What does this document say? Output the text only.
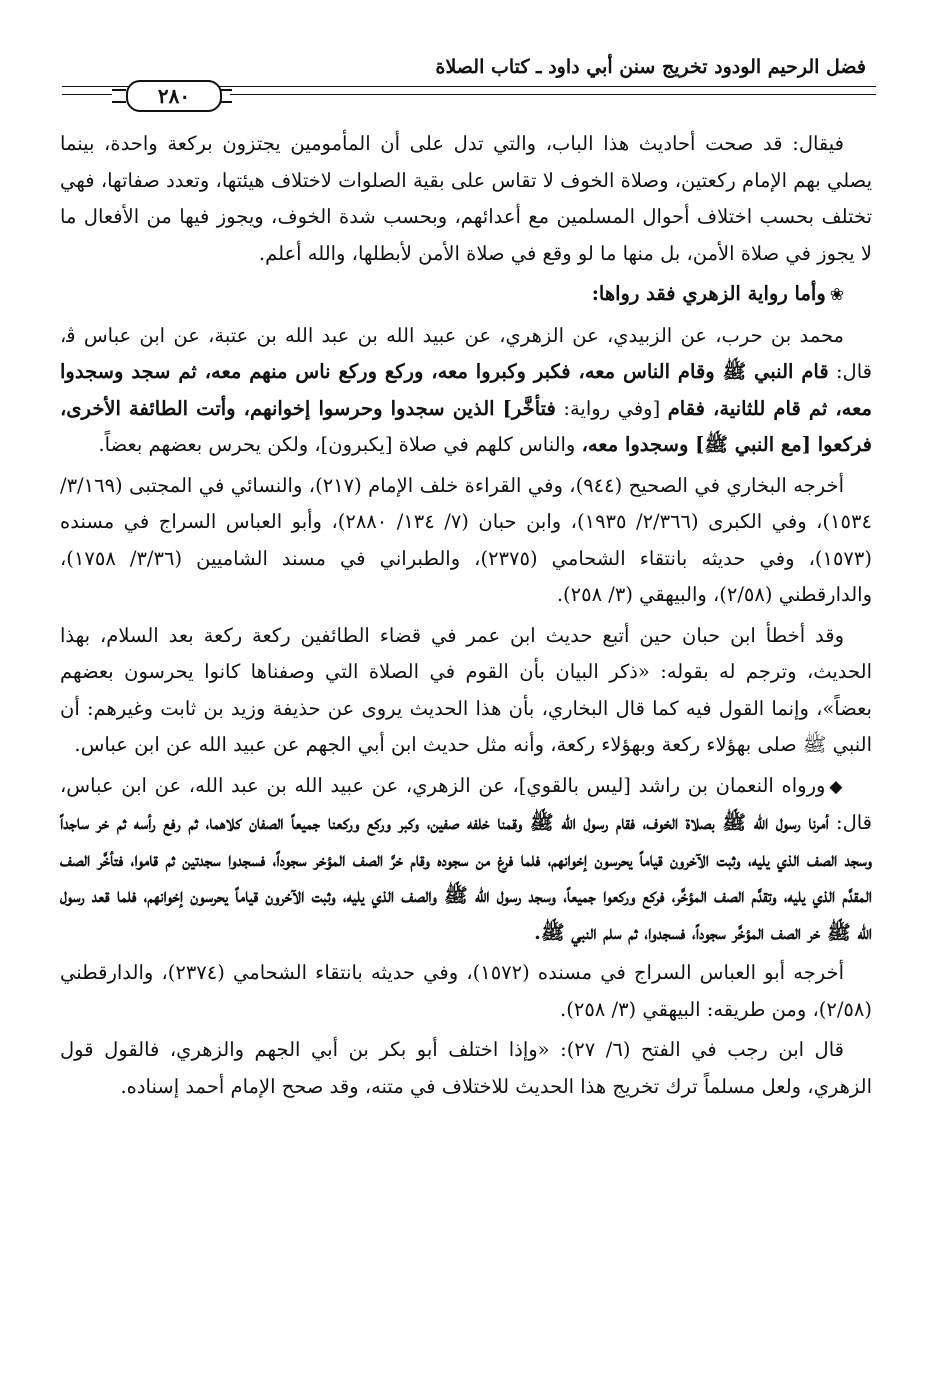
فضل الرحيم الودود تخريج سنن أبي داود ـ كتاب الصلاة
٢٨٠

فيقال: قد صحت أحاديث هذا الباب، والتي تدل على أن المأمومين يجتزون بركعة واحدة، بينما يصلي بهم الإمام ركعتين، وصلاة الخوف لا تقاس على بقية الصلوات لاختلاف هيئتها، وتعدد صفاتها، فهي تختلف بحسب اختلاف أحوال المسلمين مع أعدائهم، وبحسب شدة الخوف، ويجوز فيها من الأفعال ما لا يجوز في صلاة الأمن، بل منها ما لو وقع في صلاة الأمن لأبطلها، والله أعلم.

❀وأما رواية الزهري فقد رواها:

محمد بن حرب، عن الزبيدي، عن الزهري، عن عبيد الله بن عبد الله بن عتبة، عن ابن عباس ﭬ، قال: قام النبي ﷺ وقام الناس معه، فكبر وكبروا معه، وركع وركع ناس منهم معه، ثم سجد وسجدوا معه، ثم قام للثانية، فقام [وفي رواية: فتأخَّر] الذين سجدوا وحرسوا إخوانهم، وأتت الطائفة الأخرى، فركعوا [مع النبي ﷺ] وسجدوا معه، والناس كلهم في صلاة [يكبرون]، ولكن يحرس بعضهم بعضاً.

أخرجه البخاري في الصحيح (٩٤٤)، وفي القراءة خلف الإمام (٢١٧)، والنسائي في المجتبى (٣/١٦٩/ ١٥٣٤)، وفي الكبرى (٢/٣٦٦/ ١٩٣٥)، وابن حبان (٧/ ١٣٤/ ٢٨٨٠)، وأبو العباس السراج في مسنده (١٥٧٣)، وفي حديثه بانتقاء الشحامي (٢٣٧٥)، والطبراني في مسند الشاميين (٣/٣٦/ ١٧٥٨)، والدارقطني (٢/٥٨)، والبيهقي (٣/ ٢٥٨).

وقد أخطأ ابن حبان حين أتبع حديث ابن عمر في قضاء الطائفين ركعة ركعة بعد السلام، بهذا الحديث، وترجم له بقوله: «ذكر البيان بأن القوم في الصلاة التي وصفناها كانوا يحرسون بعضهم بعضاً»، وإنما القول فيه كما قال البخاري، بأن هذا الحديث يروى عن حذيفة وزيد بن ثابت وغيرهم: أن النبي ﷺ صلى بهؤلاء ركعة وبهؤلاء ركعة، وأنه مثل حديث ابن أبي الجهم عن عبيد الله عن ابن عباس.

◆ورواه النعمان بن راشد [ليس بالقوي]، عن الزهري، عن عبيد الله بن عبد الله، عن ابن عباس، قال: أمرنا رسول الله ﷺ بصلاة الخوف، فقام رسول الله ﷺ وقمنا خلفه صفين، وكبر وركع وركعنا جميعاً الصفان كلاهما، ثم رفع رأسه ثم خر ساجداً وسجد الصف الذي يليه، وثبت الآخرون قياماً يحرسون إخوانهم، فلما فرغ من سجوده وقام خرَّ الصف المؤخر سجوداً، فسجدوا سجدتين ثم قاموا، فتأخَّر الصف المقدَّم الذي يليه، وتقدَّم الصف المؤخَّر، فركع وركعوا جميعاً، وسجد رسول الله ﷺ والصف الذي يليه، وثبت الآخرون قياماً يحرسون إخوانهم، فلما قعد رسول الله ﷺ خر الصف المؤخَّر سجوداً، فسجدوا، ثم سلم النبي ﷺ.

أخرجه أبو العباس السراج في مسنده (١٥٧٢)، وفي حديثه بانتقاء الشحامي (٢٣٧٤)، والدارقطني (٢/٥٨)، ومن طريقه: البيهقي (٣/ ٢٥٨).

قال ابن رجب في الفتح (٦/ ٢٧): «وإذا اختلف أبو بكر بن أبي الجهم والزهري، فالقول قول الزهري، ولعل مسلماً ترك تخريج هذا الحديث للاختلاف في متنه، وقد صحح الإمام أحمد إسناده.
